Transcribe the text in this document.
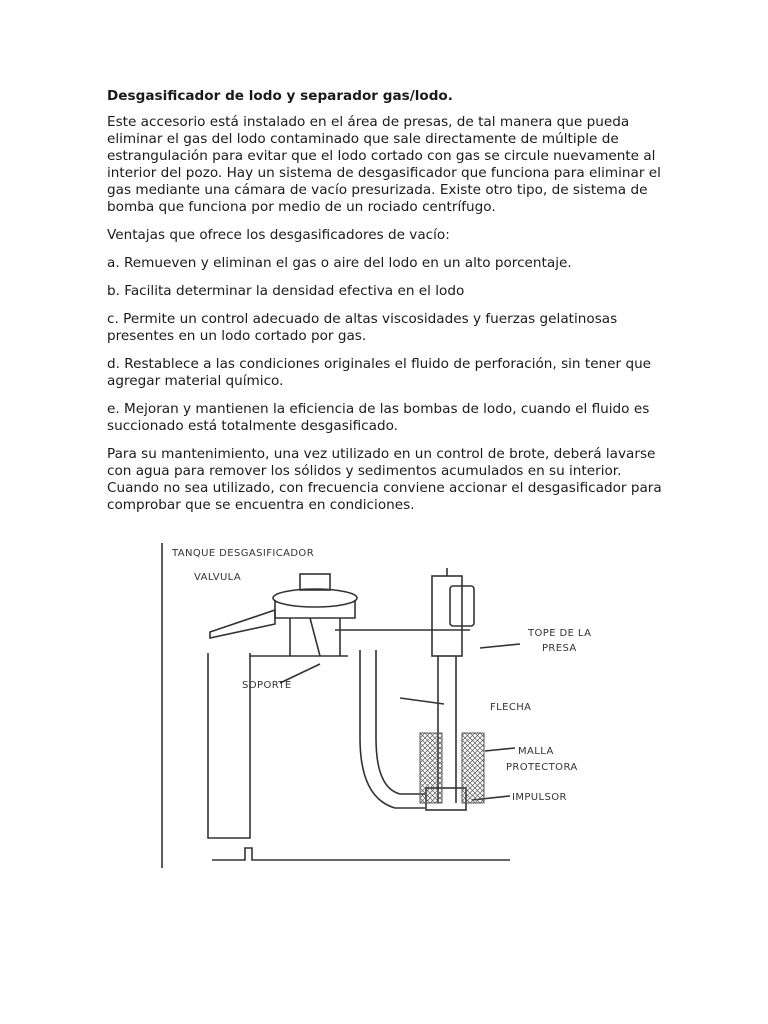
Desgasificador de lodo y separador gas/lodo.

Este accesorio está instalado en el área de presas, de tal manera que pueda eliminar el gas del lodo contaminado que sale directamente de múltiple de estrangulación para evitar que el lodo cortado con gas se circule nuevamente al interior del pozo. Hay un sistema de desgasificador que funciona para eliminar el gas mediante una cámara de vacío presurizada. Existe otro tipo, de sistema de bomba que funciona por medio de un rociado centrífugo.

Ventajas que ofrece los desgasificadores de vacío:

a. Remueven y eliminan el gas o aire del lodo en un alto porcentaje.

b. Facilita determinar la densidad efectiva en el lodo

c. Permite un control adecuado de altas viscosidades y fuerzas gelatinosas presentes en un lodo cortado por gas.

d. Restablece a las condiciones originales el fluido de perforación, sin tener que agregar material químico.

e. Mejoran y mantienen la eficiencia de las bombas de lodo, cuando el fluido es succionado está totalmente desgasificado.

Para su mantenimiento, una vez utilizado en un control de brote, deberá lavarse con agua para remover los sólidos y sedimentos acumulados en su interior. Cuando no sea utilizado, con frecuencia conviene accionar el desgasificador para comprobar que se encuentra en condiciones.

TANQUE DESGASIFICADOR
VALVULA
TOPE DE LA
PRESA
SOPORTE
FLECHA
MALLA
PROTECTORA
IMPULSOR
